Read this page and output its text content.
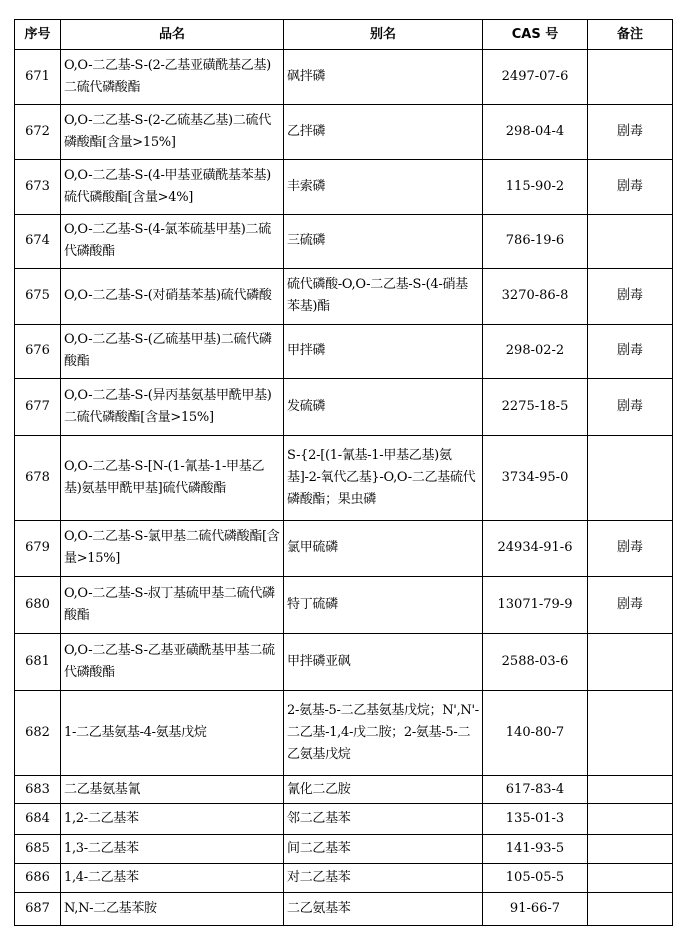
序号	品名	别名	CAS 号	备注
671	O,O-二乙基-S-(2-乙基亚磺酰基乙基)二硫代磷酸酯	砜拌磷	2497-07-6	
672	O,O-二乙基-S-(2-乙硫基乙基)二硫代磷酸酯[含量>15%]	乙拌磷	298-04-4	剧毒
673	O,O-二乙基-S-(4-甲基亚磺酰基苯基)硫代磷酸酯[含量>4%]	丰索磷	115-90-2	剧毒
674	O,O-二乙基-S-(4-氯苯硫基甲基)二硫代磷酸酯	三硫磷	786-19-6	
675	O,O-二乙基-S-(对硝基苯基)硫代磷酸	硫代磷酸-O,O-二乙基-S-(4-硝基苯基)酯	3270-86-8	剧毒
676	O,O-二乙基-S-(乙硫基甲基)二硫代磷酸酯	甲拌磷	298-02-2	剧毒
677	O,O-二乙基-S-(异丙基氨基甲酰甲基)二硫代磷酸酯[含量>15%]	发硫磷	2275-18-5	剧毒
678	O,O-二乙基-S-[N-(1-氰基-1-甲基乙基)氨基甲酰甲基]硫代磷酸酯	S-{2-[(1-氰基-1-甲基乙基)氨基]-2-氧代乙基}-O,O-二乙基硫代磷酸酯；果虫磷	3734-95-0	
679	O,O-二乙基-S-氯甲基二硫代磷酸酯[含量>15%]	氯甲硫磷	24934-91-6	剧毒
680	O,O-二乙基-S-叔丁基硫甲基二硫代磷酸酯	特丁硫磷	13071-79-9	剧毒
681	O,O-二乙基-S-乙基亚磺酰基甲基二硫代磷酸酯	甲拌磷亚砜	2588-03-6	
682	1-二乙基氨基-4-氨基戊烷	2-氨基-5-二乙基氨基戊烷；N',N'-二乙基-1,4-戊二胺；2-氨基-5-二乙氨基戊烷	140-80-7	
683	二乙基氨基氰	氰化二乙胺	617-83-4	
684	1,2-二乙基苯	邻二乙基苯	135-01-3	
685	1,3-二乙基苯	间二乙基苯	141-93-5	
686	1,4-二乙基苯	对二乙基苯	105-05-5	
687	N,N-二乙基苯胺	二乙氨基苯	91-66-7	
